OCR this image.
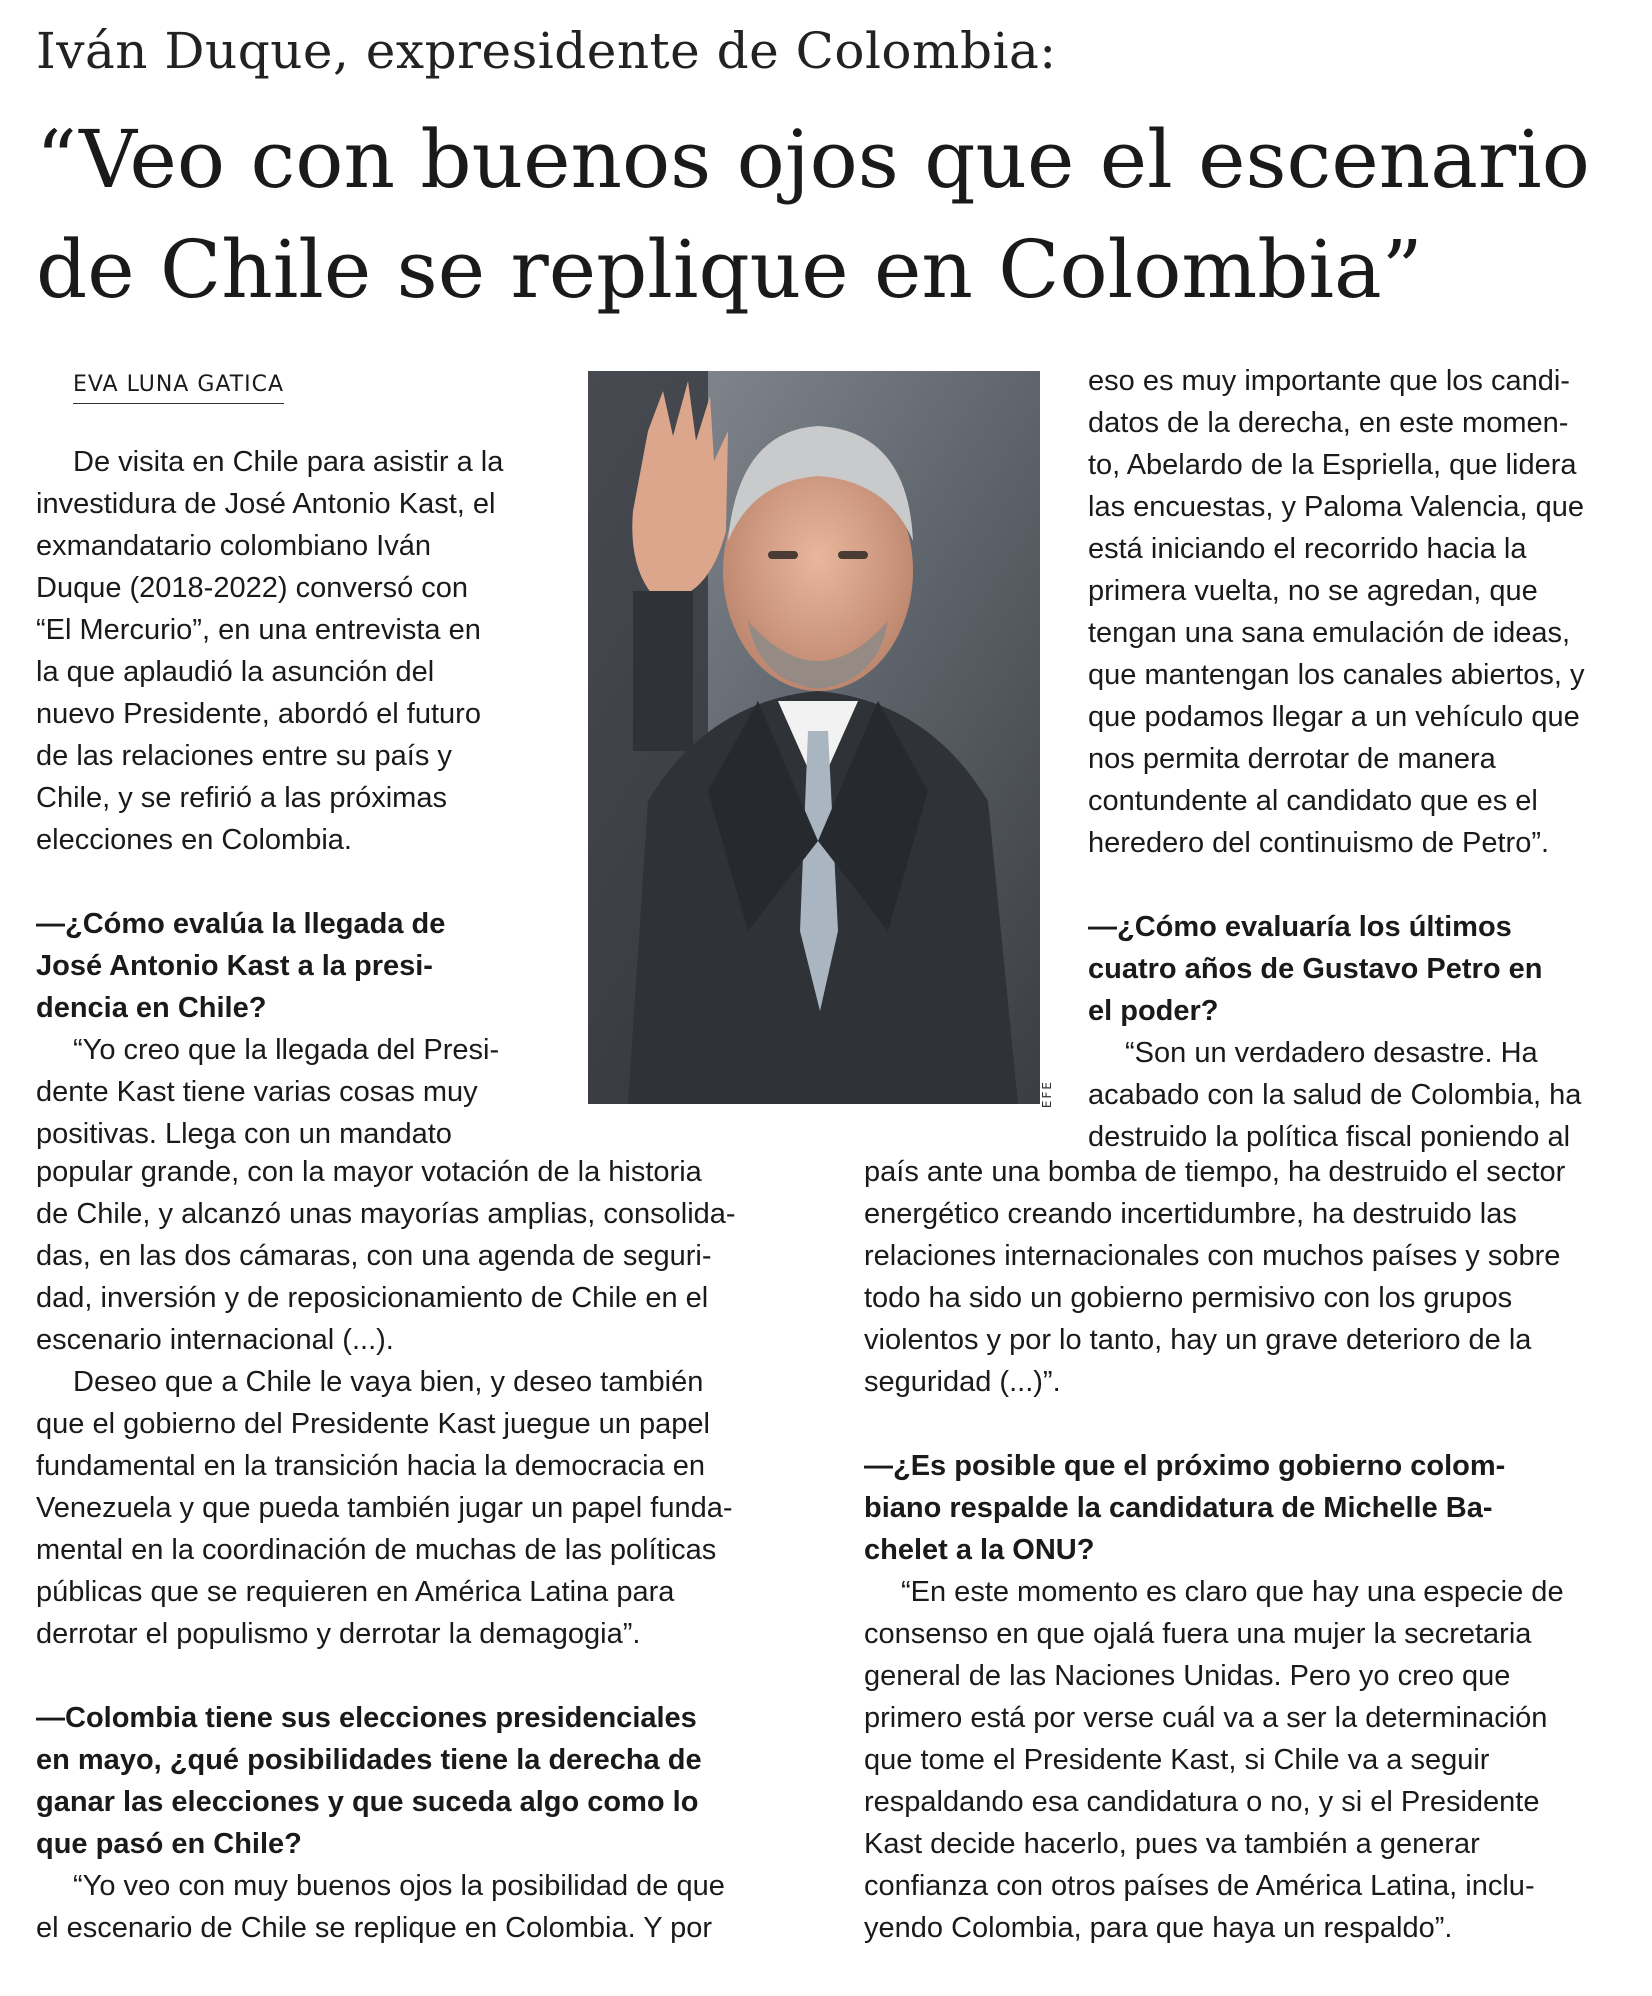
Iván Duque, expresidente de Colombia:
“Veo con buenos ojos que el escenario de Chile se replique en Colombia”
EVA LUNA GATICA
De visita en Chile para asistir a la
investidura de José Antonio Kast, el
exmandatario colombiano Iván
Duque (2018-2022) conversó con
“El Mercurio”, en una entrevista en
la que aplaudió la asunción del
nuevo Presidente, abordó el futuro
de las relaciones entre su país y
Chile, y se refirió a las próximas
elecciones en Colombia.
—¿Cómo evalúa la llegada de
José Antonio Kast a la presi-
dencia en Chile?
“Yo creo que la llegada del Presi-
dente Kast tiene varias cosas muy
positivas. Llega con un mandato
EFE
eso es muy importante que los candi-
datos de la derecha, en este momen-
to, Abelardo de la Espriella, que lidera
las encuestas, y Paloma Valencia, que
está iniciando el recorrido hacia la
primera vuelta, no se agredan, que
tengan una sana emulación de ideas,
que mantengan los canales abiertos, y
que podamos llegar a un vehículo que
nos permita derrotar de manera
contundente al candidato que es el
heredero del continuismo de Petro”.
—¿Cómo evaluaría los últimos
cuatro años de Gustavo Petro en
el poder?
“Son un verdadero desastre. Ha
acabado con la salud de Colombia, ha
destruido la política fiscal poniendo al
popular grande, con la mayor votación de la historia
de Chile, y alcanzó unas mayorías amplias, consolida-
das, en las dos cámaras, con una agenda de seguri-
dad, inversión y de reposicionamiento de Chile en el
escenario internacional (...).
Deseo que a Chile le vaya bien, y deseo también
que el gobierno del Presidente Kast juegue un papel
fundamental en la transición hacia la democracia en
Venezuela y que pueda también jugar un papel funda-
mental en la coordinación de muchas de las políticas
públicas que se requieren en América Latina para
derrotar el populismo y derrotar la demagogia”.
—Colombia tiene sus elecciones presidenciales
en mayo, ¿qué posibilidades tiene la derecha de
ganar las elecciones y que suceda algo como lo
que pasó en Chile?
“Yo veo con muy buenos ojos la posibilidad de que
el escenario de Chile se replique en Colombia. Y por
país ante una bomba de tiempo, ha destruido el sector
energético creando incertidumbre, ha destruido las
relaciones internacionales con muchos países y sobre
todo ha sido un gobierno permisivo con los grupos
violentos y por lo tanto, hay un grave deterioro de la
seguridad (...)”.
—¿Es posible que el próximo gobierno colom-
biano respalde la candidatura de Michelle Ba-
chelet a la ONU?
“En este momento es claro que hay una especie de
consenso en que ojalá fuera una mujer la secretaria
general de las Naciones Unidas. Pero yo creo que
primero está por verse cuál va a ser la determinación
que tome el Presidente Kast, si Chile va a seguir
respaldando esa candidatura o no, y si el Presidente
Kast decide hacerlo, pues va también a generar
confianza con otros países de América Latina, inclu-
yendo Colombia, para que haya un respaldo”.
